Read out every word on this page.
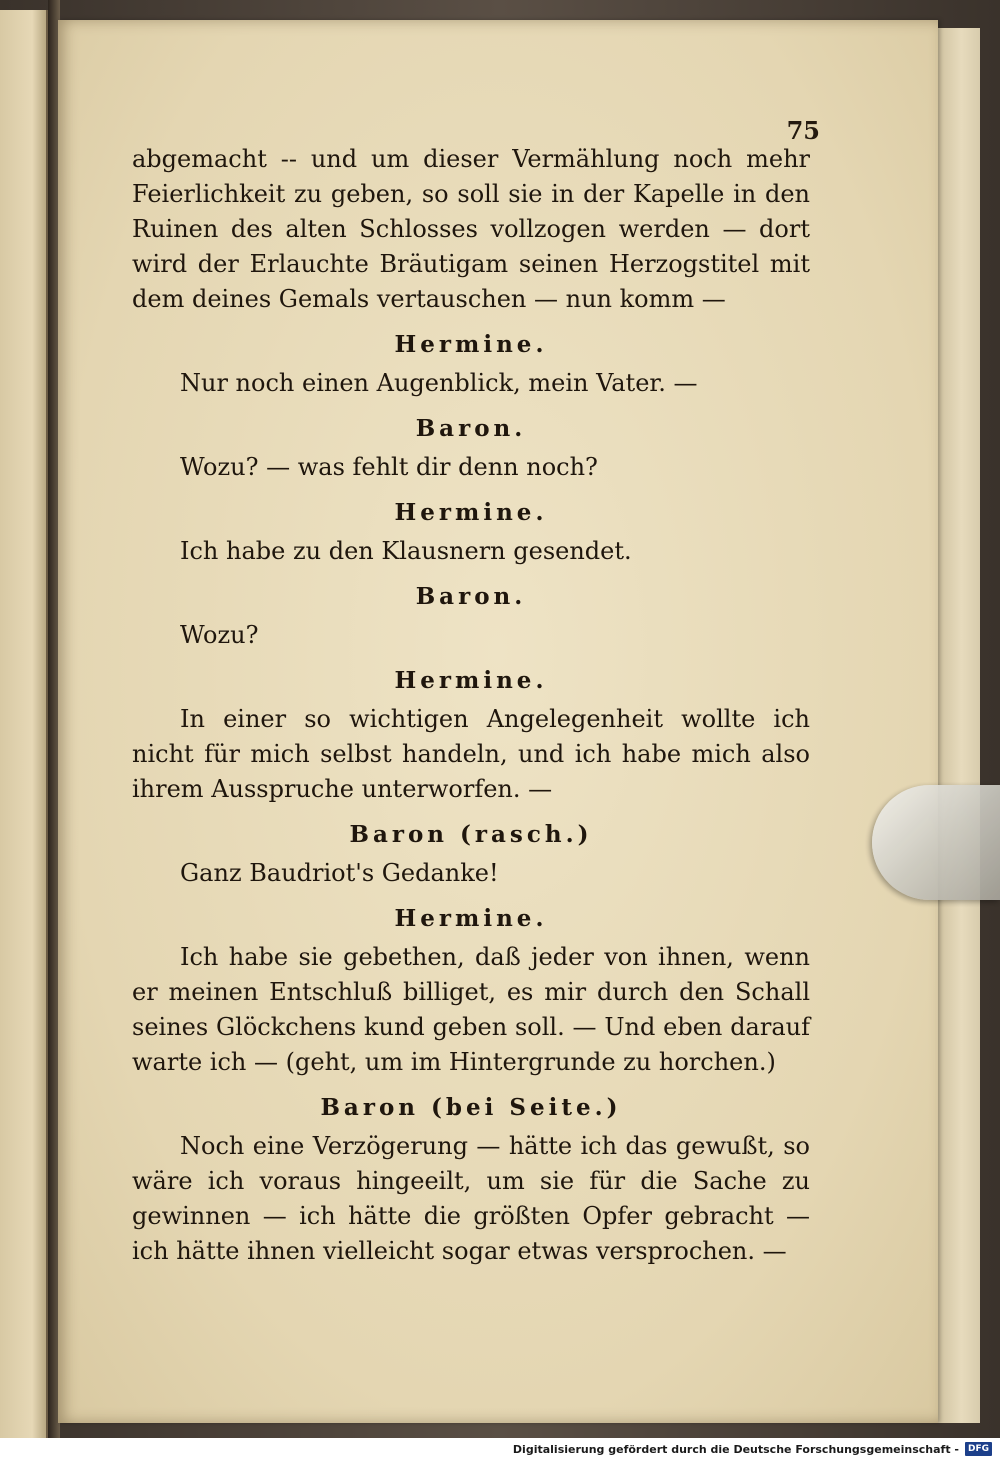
75
abgemacht -- und um dieser Vermählung noch mehr Feierlichkeit zu geben, so soll sie in der Kapelle in den Ruinen des alten Schlosses vollzogen werden — dort wird der Erlauchte Bräutigam seinen Herzogstitel mit dem deines Gemals vertauschen — nun komm —
Hermine.
Nur noch einen Augenblick, mein Vater. —
Baron.
Wozu? — was fehlt dir denn noch?
Hermine.
Ich habe zu den Klausnern gesendet.
Baron.
Wozu?
Hermine.
In einer so wichtigen Angelegenheit wollte ich nicht für mich selbst handeln, und ich habe mich also ihrem Ausspruche unterworfen. —
Baron (rasch.)
Ganz Baudriot's Gedanke!
Hermine.
Ich habe sie gebethen, daß jeder von ihnen, wenn er meinen Entschluß billiget, es mir durch den Schall seines Glöckchens kund geben soll. — Und eben darauf warte ich — (geht, um im Hintergrunde zu horchen.)
Baron (bei Seite.)
Noch eine Verzögerung — hätte ich das gewußt, so wäre ich voraus hingeeilt, um sie für die Sache zu gewinnen — ich hätte die größten Opfer gebracht — ich hätte ihnen vielleicht sogar etwas versprochen. —
Digitalisierung gefördert durch die Deutsche Forschungsgemeinschaft -	DFG
